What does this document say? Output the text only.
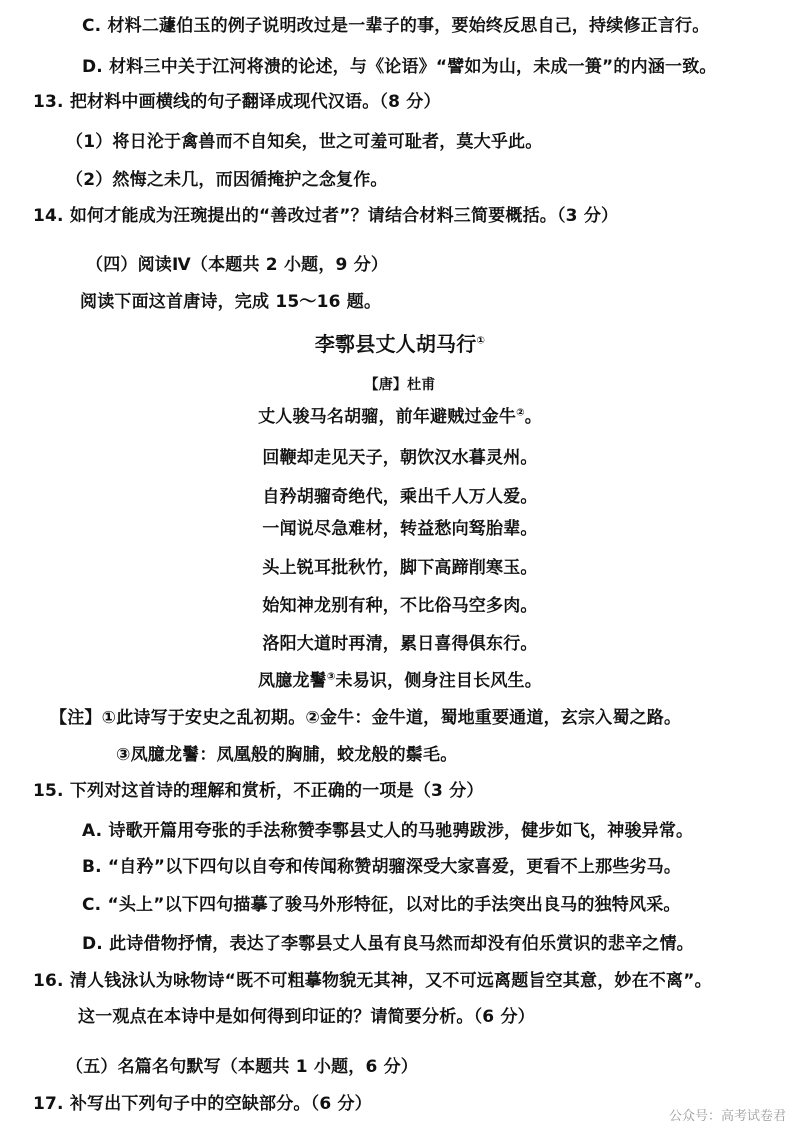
C. 材料二蘧伯玉的例子说明改过是一辈子的事，要始终反思自己，持续修正言行。
D. 材料三中关于江河将溃的论述，与《论语》“譬如为山，未成一篑”的内涵一致。
13. 把材料中画横线的句子翻译成现代汉语。（8 分）
（1）将日沦于禽兽而不自知矣，世之可羞可耻者，莫大乎此。
（2）然悔之未几，而因循掩护之念复作。
14. 如何才能成为汪琬提出的“善改过者”？请结合材料三简要概括。（3 分）
（四）阅读Ⅳ（本题共 2 小题，9 分）
阅读下面这首唐诗，完成 15～16 题。
李鄠县丈人胡马行①
【唐】杜甫
丈人骏马名胡骝，前年避贼过金牛②。
回鞭却走见天子，朝饮汉水暮灵州。
自矜胡骝奇绝代，乘出千人万人爱。
一闻说尽急难材，转益愁向驽胎辈。
头上锐耳批秋竹，脚下高蹄削寒玉。
始知神龙别有种，不比俗马空多肉。
洛阳大道时再清，累日喜得俱东行。
凤臆龙鬐③未易识，侧身注目长风生。
【注】①此诗写于安史之乱初期。②金牛：金牛道，蜀地重要通道，玄宗入蜀之路。
③凤臆龙鬐：凤凰般的胸脯，蛟龙般的鬃毛。
15. 下列对这首诗的理解和赏析，不正确的一项是（3 分）
A. 诗歌开篇用夸张的手法称赞李鄠县丈人的马驰骋跋涉，健步如飞，神骏异常。
B. “自矜”以下四句以自夸和传闻称赞胡骝深受大家喜爱，更看不上那些劣马。
C. “头上”以下四句描摹了骏马外形特征，以对比的手法突出良马的独特风采。
D. 此诗借物抒情，表达了李鄠县丈人虽有良马然而却没有伯乐赏识的悲辛之情。
16. 清人钱泳认为咏物诗“既不可粗摹物貌无其神，又不可远离题旨空其意，妙在不离”。
这一观点在本诗中是如何得到印证的？请简要分析。（6 分）
（五）名篇名句默写（本题共 1 小题，6 分）
17. 补写出下列句子中的空缺部分。（6 分）
公众号：高考试卷君
